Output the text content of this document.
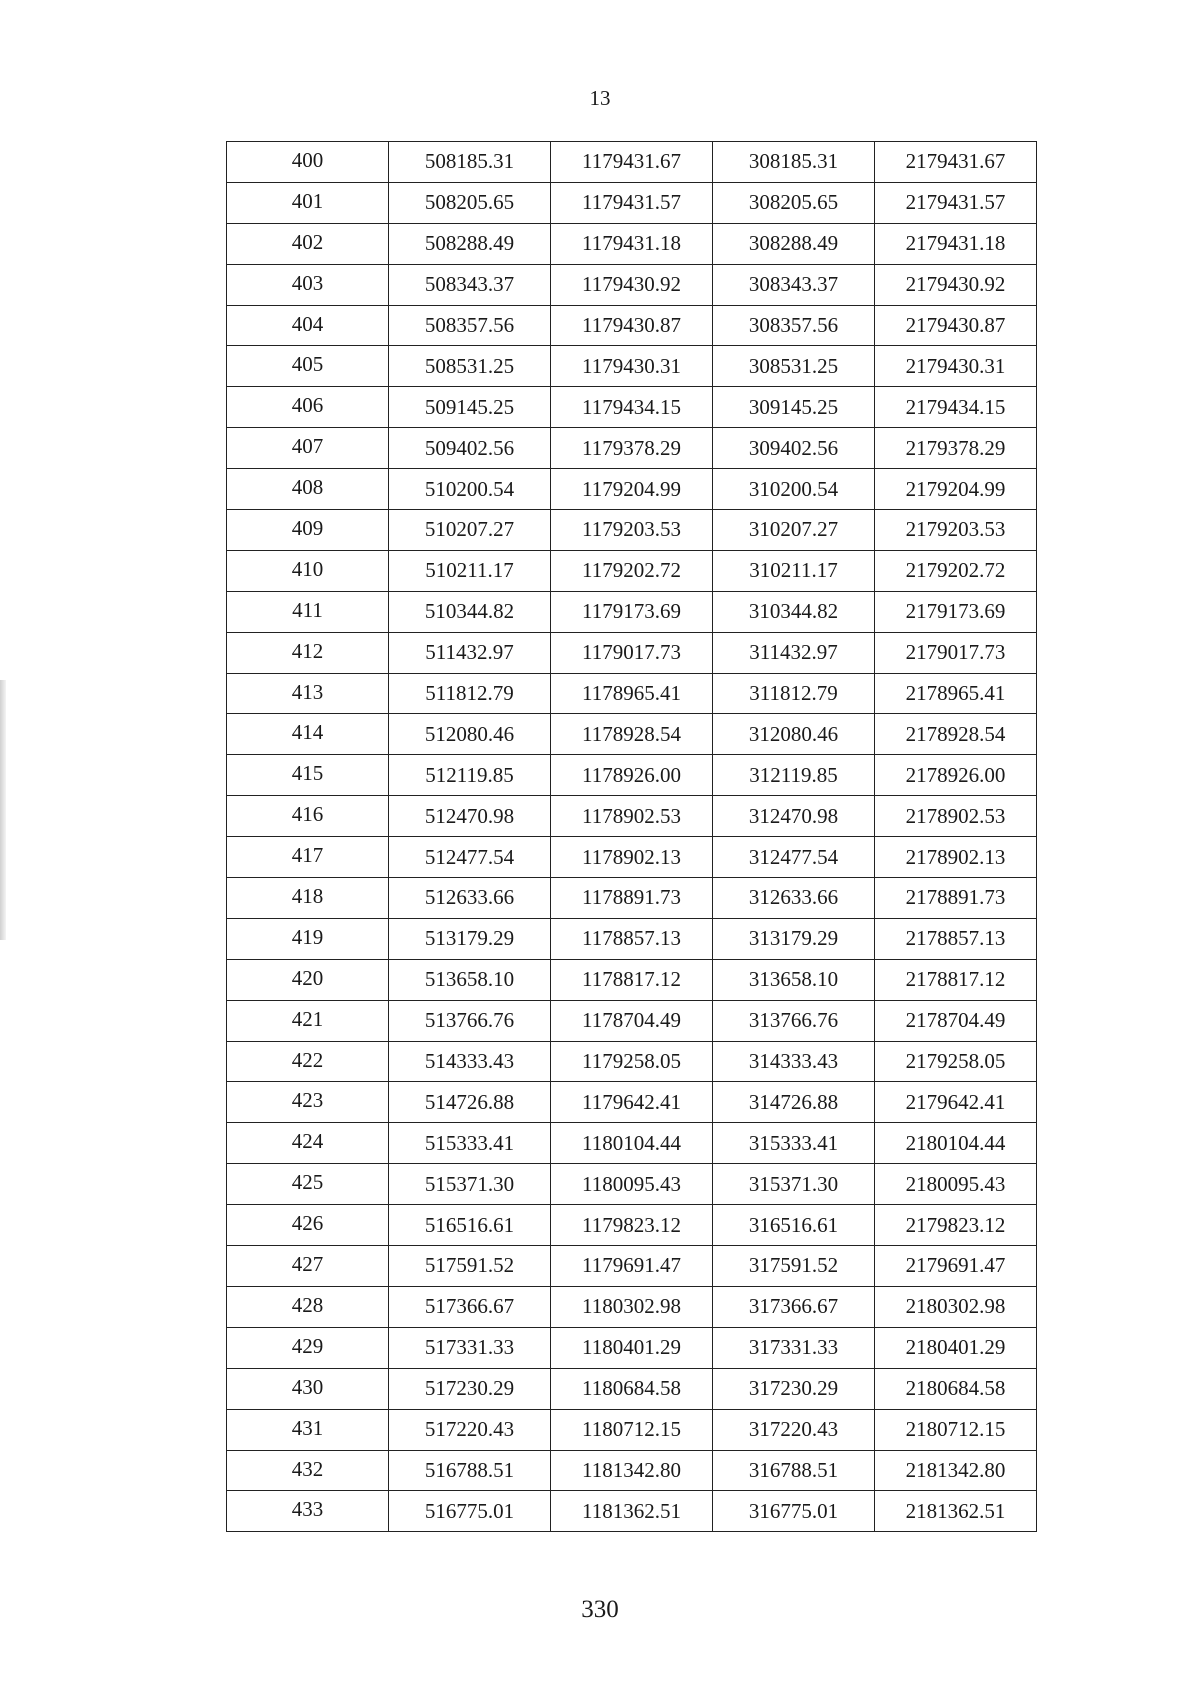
13
400	508185.31	1179431.67	308185.31	2179431.67
401	508205.65	1179431.57	308205.65	2179431.57
402	508288.49	1179431.18	308288.49	2179431.18
403	508343.37	1179430.92	308343.37	2179430.92
404	508357.56	1179430.87	308357.56	2179430.87
405	508531.25	1179430.31	308531.25	2179430.31
406	509145.25	1179434.15	309145.25	2179434.15
407	509402.56	1179378.29	309402.56	2179378.29
408	510200.54	1179204.99	310200.54	2179204.99
409	510207.27	1179203.53	310207.27	2179203.53
410	510211.17	1179202.72	310211.17	2179202.72
411	510344.82	1179173.69	310344.82	2179173.69
412	511432.97	1179017.73	311432.97	2179017.73
413	511812.79	1178965.41	311812.79	2178965.41
414	512080.46	1178928.54	312080.46	2178928.54
415	512119.85	1178926.00	312119.85	2178926.00
416	512470.98	1178902.53	312470.98	2178902.53
417	512477.54	1178902.13	312477.54	2178902.13
418	512633.66	1178891.73	312633.66	2178891.73
419	513179.29	1178857.13	313179.29	2178857.13
420	513658.10	1178817.12	313658.10	2178817.12
421	513766.76	1178704.49	313766.76	2178704.49
422	514333.43	1179258.05	314333.43	2179258.05
423	514726.88	1179642.41	314726.88	2179642.41
424	515333.41	1180104.44	315333.41	2180104.44
425	515371.30	1180095.43	315371.30	2180095.43
426	516516.61	1179823.12	316516.61	2179823.12
427	517591.52	1179691.47	317591.52	2179691.47
428	517366.67	1180302.98	317366.67	2180302.98
429	517331.33	1180401.29	317331.33	2180401.29
430	517230.29	1180684.58	317230.29	2180684.58
431	517220.43	1180712.15	317220.43	2180712.15
432	516788.51	1181342.80	316788.51	2181342.80
433	516775.01	1181362.51	316775.01	2181362.51
330
